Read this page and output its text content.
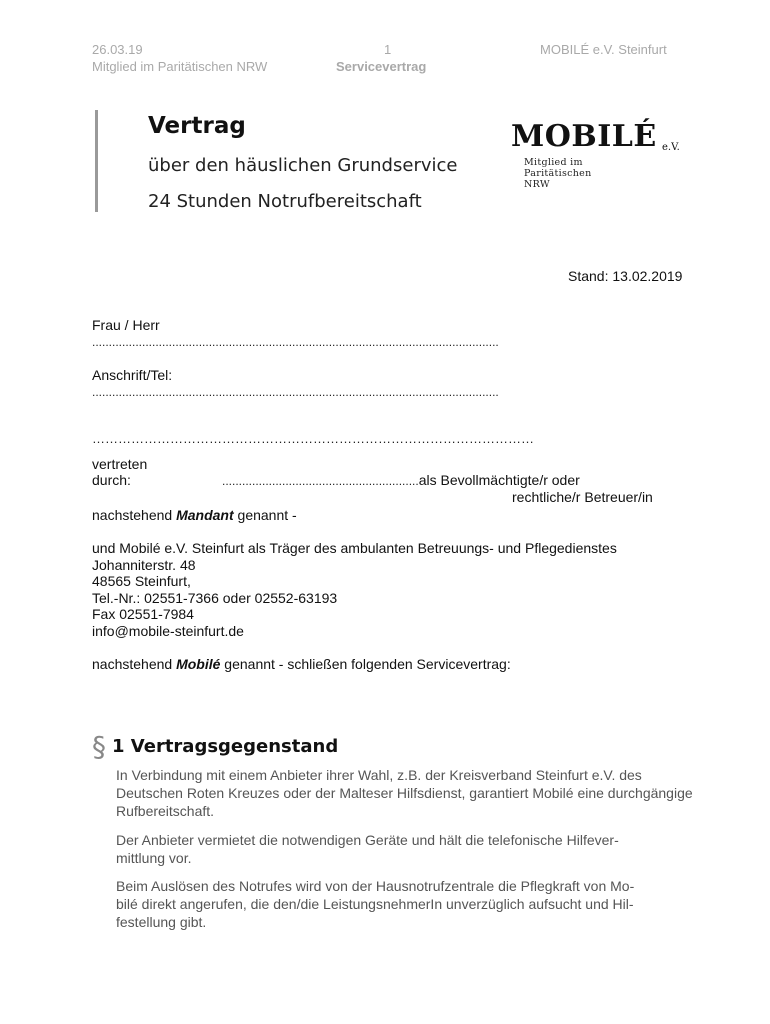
26.03.19	1	MOBILÉ e.V. Steinfurt
Mitglied im Paritätischen NRW	Servicevertrag
Vertrag
über den häuslichen Grundservice
24 Stunden Notrufbereitschaft
MOBILÉ e.V.
Mitglied im Paritätischen NRW
Stand: 13.02.2019
Frau / Herr
..........................................................................................................................
Anschrift/Tel:
..........................................................................................................................
…………………………………………………………………………………………
vertreten
durch:	...........................................................als Bevollmächtigte/r oder
rechtliche/r Betreuer/in
nachstehend Mandant genannt -
und Mobilé e.V. Steinfurt als Träger des ambulanten Betreuungs- und Pflegedienstes
Johanniterstr. 48
48565 Steinfurt,
Tel.-Nr.: 02551-7366 oder 02552-63193
Fax 02551-7984
info@mobile-steinfurt.de
nachstehend Mobilé genannt - schließen folgenden Servicevertrag:
§ 1 Vertragsgegenstand
In Verbindung mit einem Anbieter ihrer Wahl, z.B. der Kreisverband Steinfurt e.V. des Deutschen Roten Kreuzes oder der Malteser Hilfsdienst, garantiert Mobilé eine durchgängige Rufbereitschaft.
Der Anbieter vermietet die notwendigen Geräte und hält die telefonische Hilfever-
mittlung vor.
Beim Auslösen des Notrufes wird von der Hausnotrufzentrale die Pflegkraft von Mo-
bilé direkt angerufen, die den/die LeistungsnehmerIn unverzüglich aufsucht und Hil-
festellung gibt.
